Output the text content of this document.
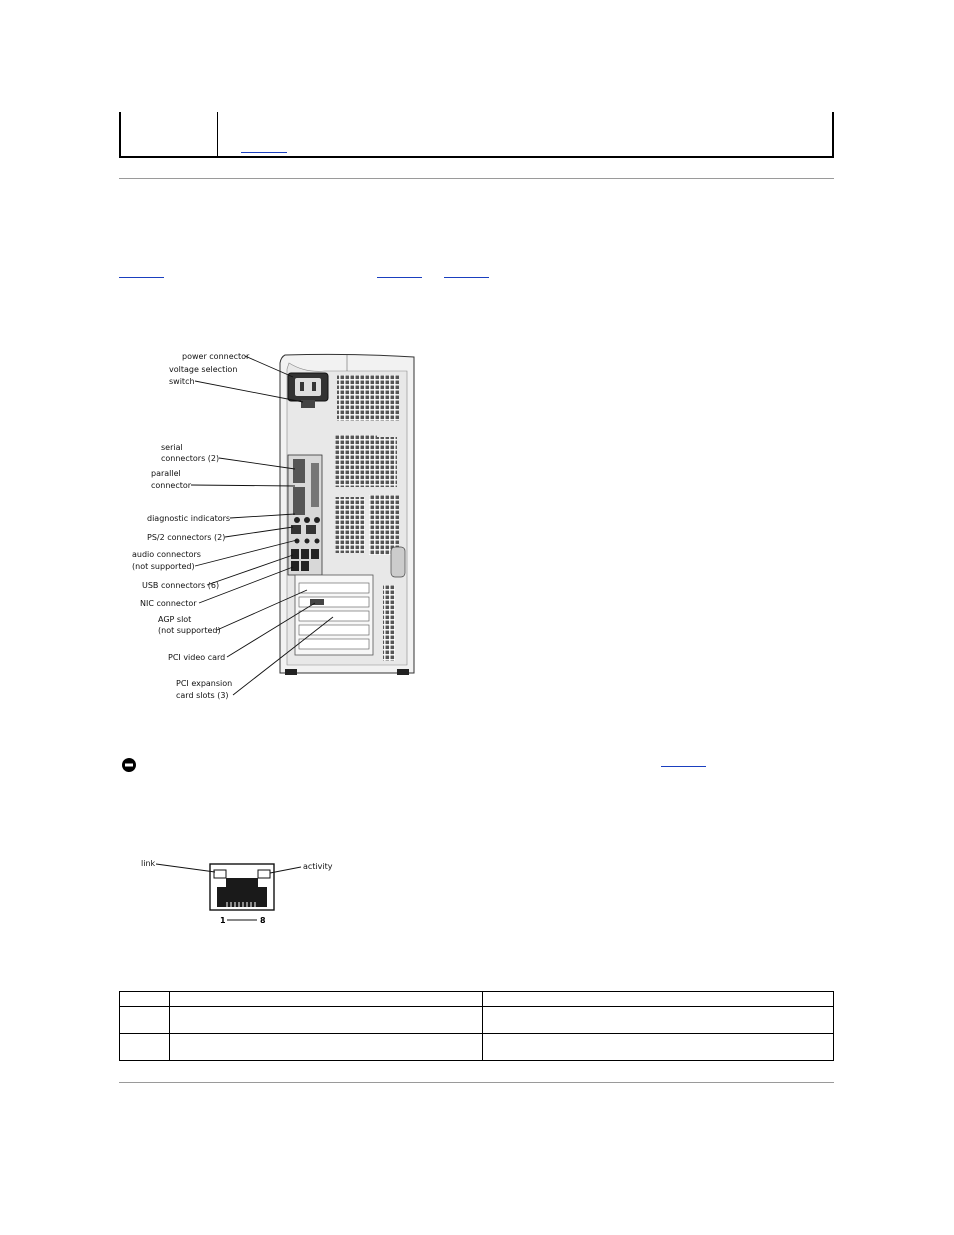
power connector
voltage selection
switch
serial
connectors (2)
parallel
connector
diagnostic indicators
PS/2 connectors (2)
audio connectors
(not supported)
USB connectors (6)
NIC connector
AGP slot
(not supported)
PCI video card
PCI expansion
card slots (3)
link	activity
1	8
